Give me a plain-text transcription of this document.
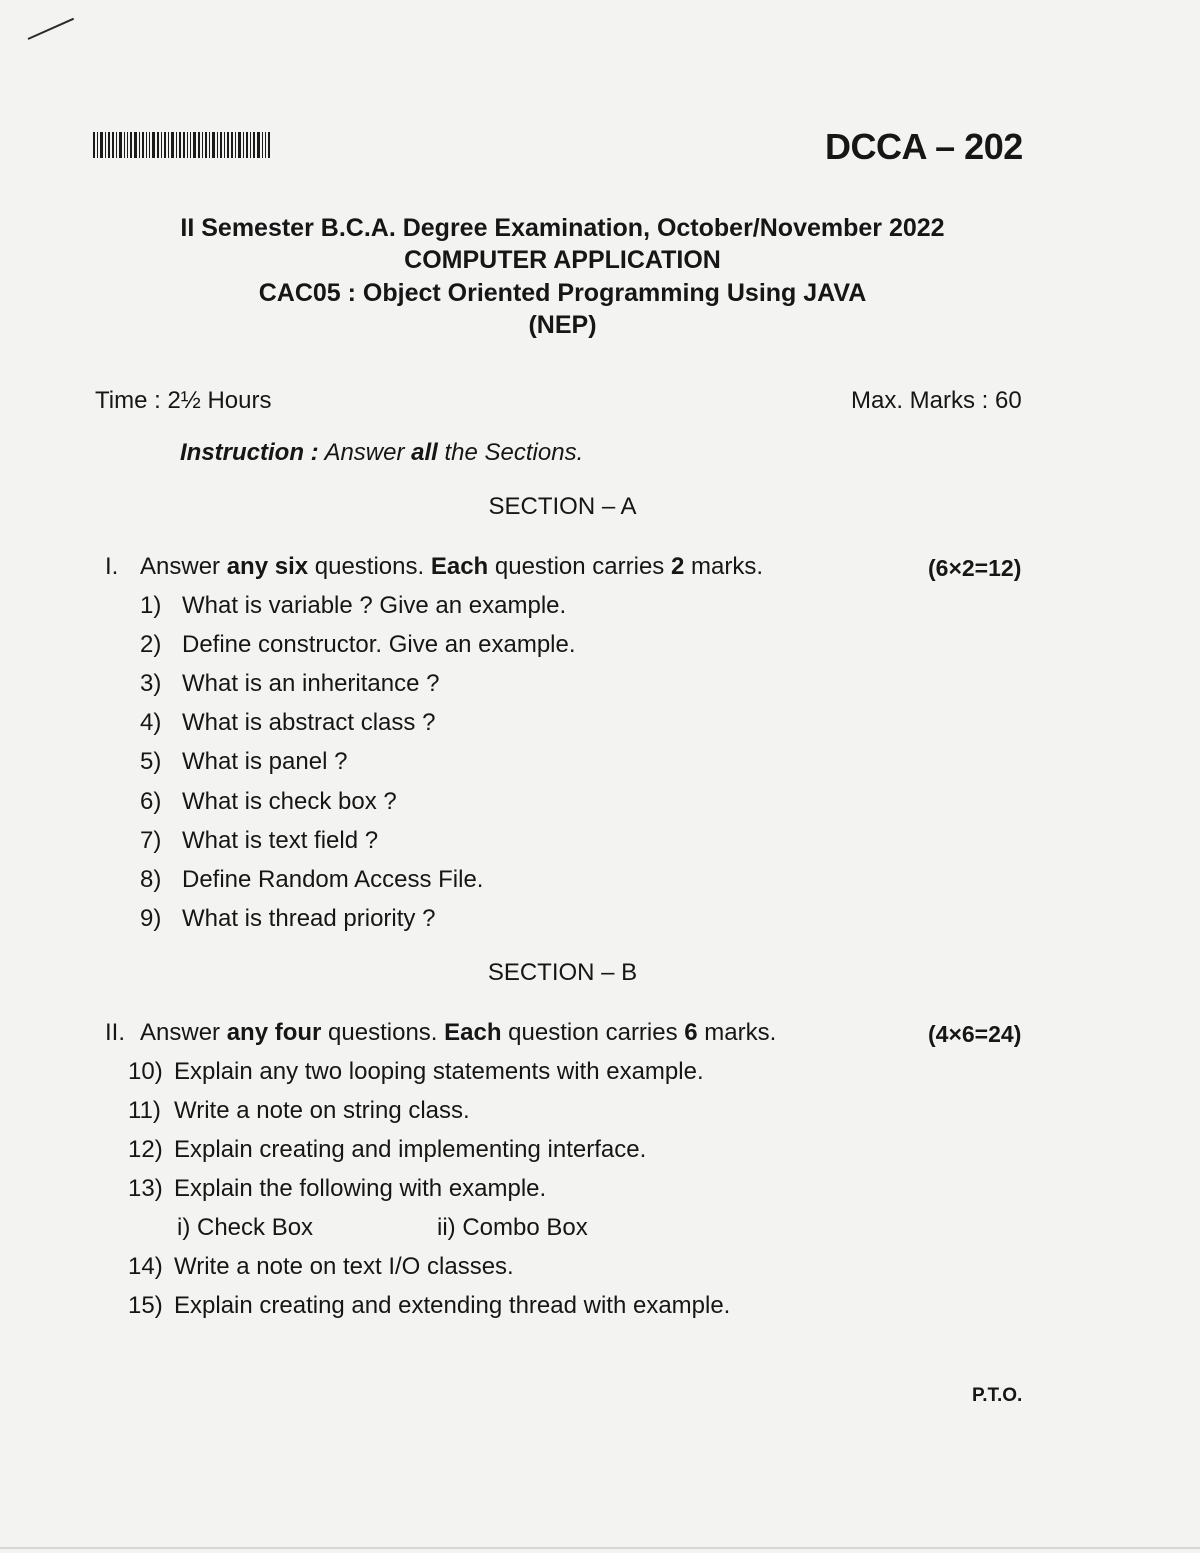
DCCA – 202
II Semester B.C.A. Degree Examination, October/November 2022
COMPUTER APPLICATION
CAC05 : Object Oriented Programming Using JAVA
(NEP)
Time : 2½ Hours	Max. Marks : 60
Instruction : Answer all the Sections.
SECTION – A
I. Answer any six questions. Each question carries 2 marks.	(6×2=12)
1) What is variable ? Give an example.
2) Define constructor. Give an example.
3) What is an inheritance ?
4) What is abstract class ?
5) What is panel ?
6) What is check box ?
7) What is text field ?
8) Define Random Access File.
9) What is thread priority ?
SECTION – B
II. Answer any four questions. Each question carries 6 marks.	(4×6=24)
10) Explain any two looping statements with example.
11) Write a note on string class.
12) Explain creating and implementing interface.
13) Explain the following with example.
i) Check Box	ii) Combo Box
14) Write a note on text I/O classes.
15) Explain creating and extending thread with example.
P.T.O.
